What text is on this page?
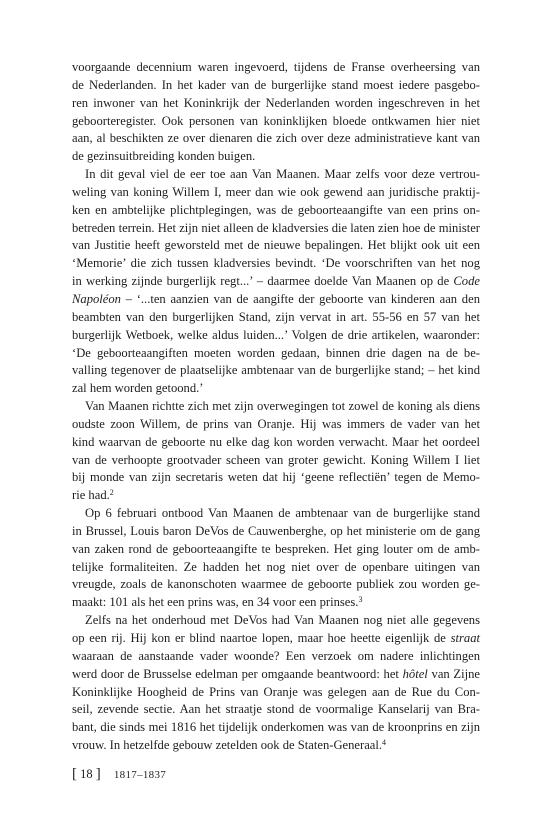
voorgaande decennium waren ingevoerd, tijdens de Franse overheersing van
de Nederlanden. In het kader van de burgerlijke stand moest iedere pasgebo-
ren inwoner van het Koninkrijk der Nederlanden worden ingeschreven in het
geboorteregister. Ook personen van koninklijken bloede ontkwamen hier niet
aan, al beschikten ze over dienaren die zich over deze administratieve kant van
de gezinsuitbreiding konden buigen.

In dit geval viel de eer toe aan Van Maanen. Maar zelfs voor deze vertrou-
weling van koning Willem I, meer dan wie ook gewend aan juridische praktij-
ken en ambtelijke plichtplegingen, was de geboorteaangifte van een prins on-
betreden terrein. Het zijn niet alleen de kladversies die laten zien hoe de minister
van Justitie heeft geworsteld met de nieuwe bepalingen. Het blijkt ook uit een
‘Memorie’ die zich tussen kladversies bevindt. ‘De voorschriften van het nog
in werking zijnde burgerlijk regt...’ – daarmee doelde Van Maanen op de Code
Napoléon – ‘...ten aanzien van de aangifte der geboorte van kinderen aan den
beambten van den burgerlijken Stand, zijn vervat in art. 55-56 en 57 van het
burgerlijk Wetboek, welke aldus luiden...’ Volgen de drie artikelen, waaronder:
‘De geboorteaangiften moeten worden gedaan, binnen drie dagen na de be-
valling tegenover de plaatselijke ambtenaar van de burgerlijke stand; – het kind
zal hem worden getoond.’

Van Maanen richtte zich met zijn overwegingen tot zowel de koning als diens
oudste zoon Willem, de prins van Oranje. Hij was immers de vader van het
kind waarvan de geboorte nu elke dag kon worden verwacht. Maar het oordeel
van de verhoopte grootvader scheen van groter gewicht. Koning Willem I liet
bij monde van zijn secretaris weten dat hij ‘geene reflectiën’ tegen de Memo-
rie had.$^2$

Op 6 februari ontbood Van Maanen de ambtenaar van de burgerlijke stand
in Brussel, Louis baron DeVos de Cauwenberghe, op het ministerie om de gang
van zaken rond de geboorteaangifte te bespreken. Het ging louter om de amb-
telijke formaliteiten. Ze hadden het nog niet over de openbare uitingen van
vreugde, zoals de kanonschoten waarmee de geboorte publiek zou worden ge-
maakt: 101 als het een prins was, en 34 voor een prinses.$^3$

Zelfs na het onderhoud met DeVos had Van Maanen nog niet alle gegevens
op een rij. Hij kon er blind naartoe lopen, maar hoe heette eigenlijk de straat
waaraan de aanstaande vader woonde? Een verzoek om nadere inlichtingen
werd door de Brusselse edelman per omgaande beantwoord: het hôtel van Zijne
Koninklijke Hoogheid de Prins van Oranje was gelegen aan de Rue du Con-
seil, zevende sectie. Aan het straatje stond de voormalige Kanselarij van Bra-
bant, die sinds mei 1816 het tijdelijk onderkomen was van de kroonprins en zijn
vrouw. In hetzelfde gebouw zetelden ook de Staten-Generaal.$^4$

[ 18 ] 1817–1837
